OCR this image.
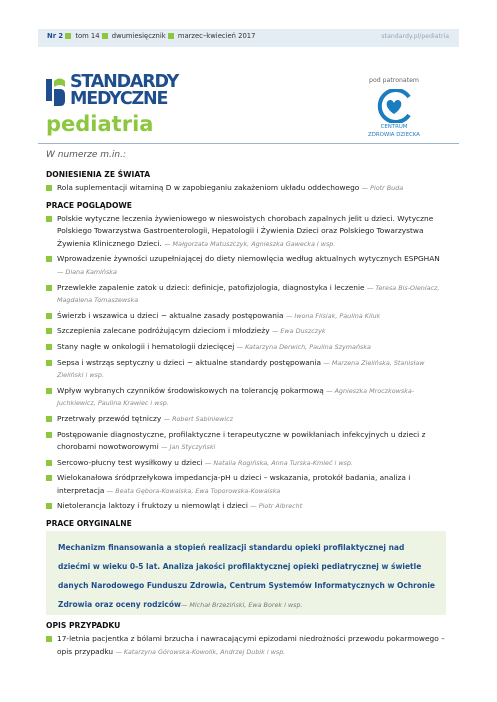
Nr 2 tom 14 dwumiesięcznik marzec–kwiecień 2017	standardy.pl/pediatria
STANDARDY
MEDYCZNE
pediatria
pod patronatem
CENTRUM
ZDROWIA DZIECKA
W numerze m.in.:
DONIESIENIA ZE ŚWIATA
Rola suplementacji witaminą D w zapobieganiu zakażeniom układu oddechowego — Piotr Buda
PRACE POGLĄDOWE
Polskie wytyczne leczenia żywieniowego w nieswoistych chorobach zapalnych jelit u dzieci. Wytyczne Polskiego Towarzystwa Gastroenterologii, Hepatologii i Żywienia Dzieci oraz Polskiego Towarzystwa Żywienia Klinicznego Dzieci. — Małgorzata Matuszczyk, Agnieszka Gawecka i wsp.
Wprowadzenie żywności uzupełniającej do diety niemowlęcia według aktualnych wytycznych ESPGHAN — Diana Kamińska
Przewlekłe zapalenie zatok u dzieci: definicje, patofizjologia, diagnostyka i leczenie — Teresa Bis-Oleniacz, Magdalena Tomaszewska
Świerzb i wszawica u dzieci − aktualne zasady postępowania — Iwona Flisiak, Paulina Kiluk
Szczepienia zalecane podróżującym dzieciom i młodzieży — Ewa Duszczyk
Stany nagłe w onkologii i hematologii dziecięcej — Katarzyna Derwich, Paulina Szymańska
Sepsa i wstrząs septyczny u dzieci − aktualne standardy postępowania — Marzena Zielińska, Stanisław Zieliński i wsp.
Wpływ wybranych czynników środowiskowych na tolerancję pokarmową — Agnieszka Mroczkowska-Juchkiewicz, Paulina Krawiec i wsp.
Przetrwały przewód tętniczy — Robert Sabiniewicz
Postępowanie diagnostyczne, profilaktyczne i terapeutyczne w powikłaniach infekcyjnych u dzieci z chorobami nowotworowymi — Jan Styczyński
Sercowo-płucny test wysiłkowy u dzieci — Natalia Rogińska, Anna Turska-Kmieć i wsp.
Wielokanałowa śródprzełykowa impedancja-pH u dzieci – wskazania, protokół badania, analiza i interpretacja — Beata Gębora-Kowalska, Ewa Toporowska-Kowalska
Nietolerancja laktozy i fruktozy u niemowląt i dzieci — Piotr Albrecht
PRACE ORYGINALNE
Mechanizm finansowania a stopień realizacji standardu opieki profilaktycznej nad dziećmi w wieku 0-5 lat. Analiza jakości profilaktycznej opieki pediatrycznej w świetle danych Narodowego Funduszu Zdrowia, Centrum Systemów Informatycznych w Ochronie Zdrowia oraz oceny rodziców— Michał Brzeziński, Ewa Borek i wsp.
OPIS PRZYPADKU
17-letnia pacjentka z bólami brzucha i nawracającymi epizodami niedrożności przewodu pokarmowego – opis przypadku — Katarzyna Górowska-Kowolik, Andrzej Dubik i wsp.
